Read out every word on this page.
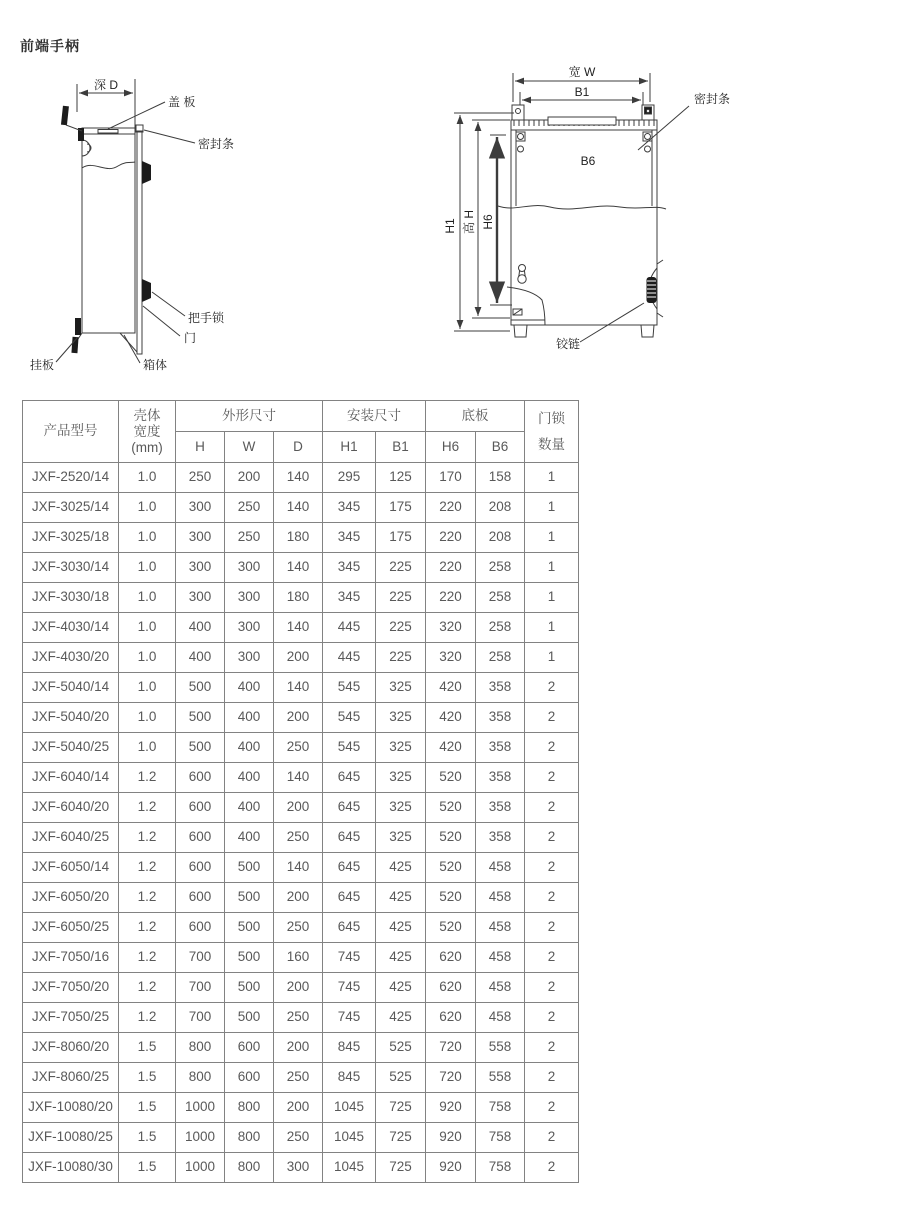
前端手柄
深 D
盖 板
密封条
把手锁
门
挂板	箱体
宽 W
B1
B6
密封条
铰链
H1 高 H H6
产品型号	壳体
宽度
(mm)	外形尺寸			安装尺寸		底板		门锁
数量

		H	W	D	H1	B1	H6	B6	
JXF-2520/14	1.0	250	200	140	295	125	170	158	1
JXF-3025/14	1.0	300	250	140	345	175	220	208	1
JXF-3025/18	1.0	300	250	180	345	175	220	208	1
JXF-3030/14	1.0	300	300	140	345	225	220	258	1
JXF-3030/18	1.0	300	300	180	345	225	220	258	1
JXF-4030/14	1.0	400	300	140	445	225	320	258	1
JXF-4030/20	1.0	400	300	200	445	225	320	258	1
JXF-5040/14	1.0	500	400	140	545	325	420	358	2
JXF-5040/20	1.0	500	400	200	545	325	420	358	2
JXF-5040/25	1.0	500	400	250	545	325	420	358	2
JXF-6040/14	1.2	600	400	140	645	325	520	358	2
JXF-6040/20	1.2	600	400	200	645	325	520	358	2
JXF-6040/25	1.2	600	400	250	645	325	520	358	2
JXF-6050/14	1.2	600	500	140	645	425	520	458	2
JXF-6050/20	1.2	600	500	200	645	425	520	458	2
JXF-6050/25	1.2	600	500	250	645	425	520	458	2
JXF-7050/16	1.2	700	500	160	745	425	620	458	2
JXF-7050/20	1.2	700	500	200	745	425	620	458	2
JXF-7050/25	1.2	700	500	250	745	425	620	458	2
JXF-8060/20	1.5	800	600	200	845	525	720	558	2
JXF-8060/25	1.5	800	600	250	845	525	720	558	2
JXF-10080/20	1.5	1000	800	200	1045	725	920	758	2
JXF-10080/25	1.5	1000	800	250	1045	725	920	758	2
JXF-10080/30	1.5	1000	800	300	1045	725	920	758	2
